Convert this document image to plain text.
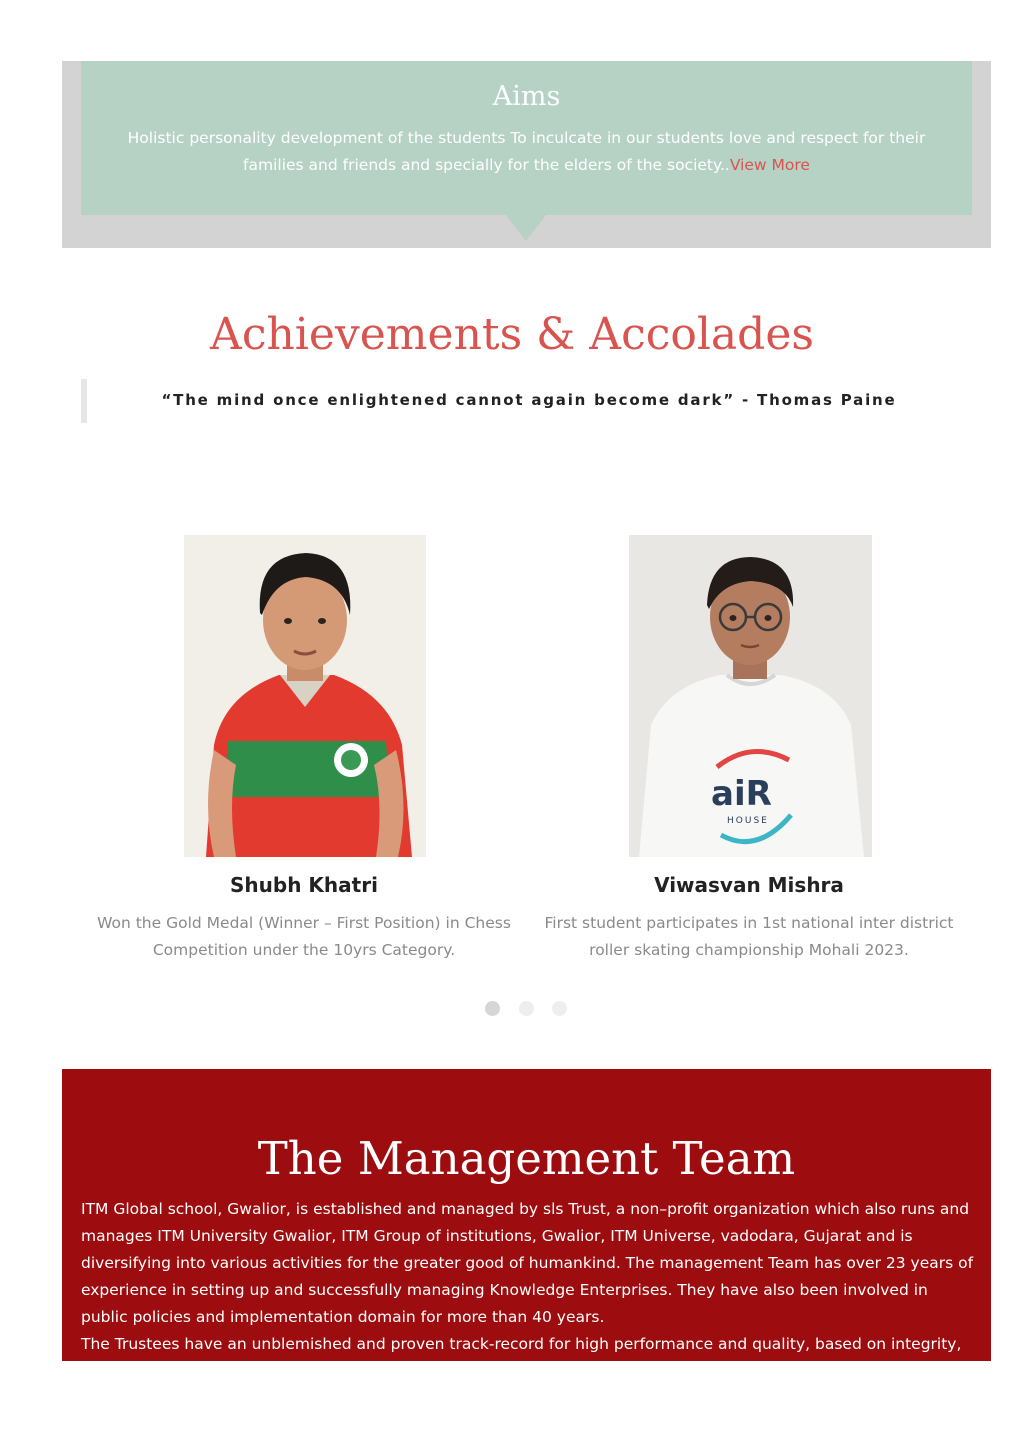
Aims
Holistic personality development of the students To inculcate in our students love and respect for their families and friends and specially for the elders of the society..View More
Achievements & Accolades
“The mind once enlightened cannot again become dark” - Thomas Paine
Shubh Khatri
Won the Gold Medal (Winner – First Position) in Chess Competition under the 10yrs Category.
aiR
HOUSE
Viwasvan Mishra
First student participates in 1st national inter district roller skating championship Mohali 2023.
The Management Team

ITM Global school, Gwalior, is established and managed by sls Trust, a non–profit organization which also runs and manages ITM University Gwalior, ITM Group of institutions, Gwalior, ITM Universe, vadodara, Gujarat and is diversifying into various activities for the greater good of humankind. The management Team has over 23 years of experience in setting up and successfully managing Knowledge Enterprises. They have also been involved in public policies and implementation domain for more than 40 years.

The Trustees have an unblemished and proven track-record for high performance and quality, based on integrity,
